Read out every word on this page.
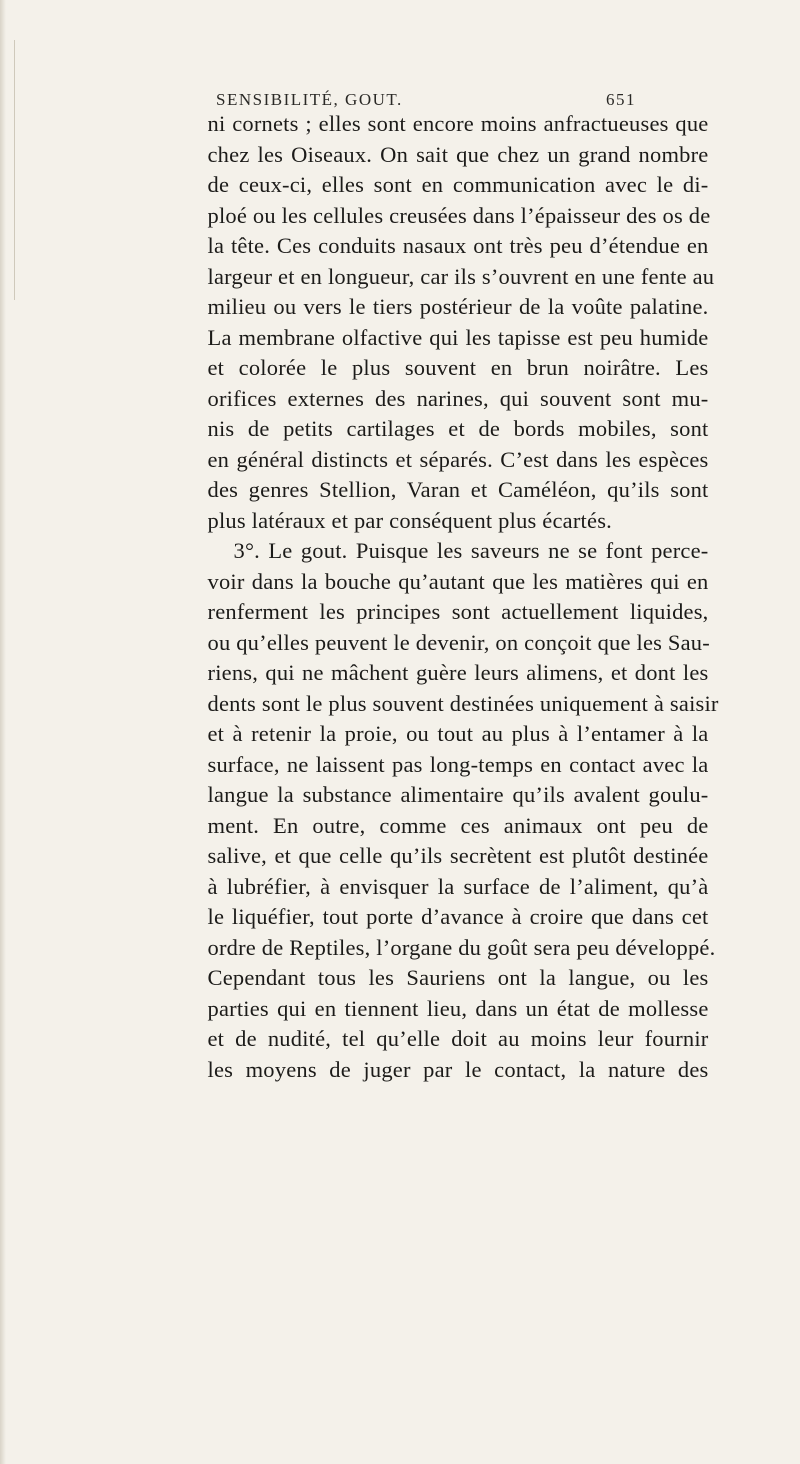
SENSIBILITÉ, GOUT.	651
ni cornets ; elles sont encore moins anfractueuses que
chez les Oiseaux. On sait que chez un grand nombre
de ceux-ci, elles sont en communication avec le di-
ploé ou les cellules creusées dans l’épaisseur des os de
la tête. Ces conduits nasaux ont très peu d’étendue en
largeur et en longueur, car ils s’ouvrent en une fente au
milieu ou vers le tiers postérieur de la voûte palatine.
La membrane olfactive qui les tapisse est peu humide
et colorée le plus souvent en brun noirâtre. Les
orifices externes des narines, qui souvent sont mu-
nis de petits cartilages et de bords mobiles, sont
en général distincts et séparés. C’est dans les espèces
des genres Stellion, Varan et Caméléon, qu’ils sont
plus latéraux et par conséquent plus écartés.
3°. Le gout. Puisque les saveurs ne se font perce-
voir dans la bouche qu’autant que les matières qui en
renferment les principes sont actuellement liquides,
ou qu’elles peuvent le devenir, on conçoit que les Sau-
riens, qui ne mâchent guère leurs alimens, et dont les
dents sont le plus souvent destinées uniquement à saisir
et à retenir la proie, ou tout au plus à l’entamer à la
surface, ne laissent pas long-temps en contact avec la
langue la substance alimentaire qu’ils avalent goulu-
ment. En outre, comme ces animaux ont peu de
salive, et que celle qu’ils secrètent est plutôt destinée
à lubréfier, à envisquer la surface de l’aliment, qu’à
le liquéfier, tout porte d’avance à croire que dans cet
ordre de Reptiles, l’organe du goût sera peu développé.
Cependant tous les Sauriens ont la langue, ou les
parties qui en tiennent lieu, dans un état de mollesse
et de nudité, tel qu’elle doit au moins leur fournir
les moyens de juger par le contact, la nature des
